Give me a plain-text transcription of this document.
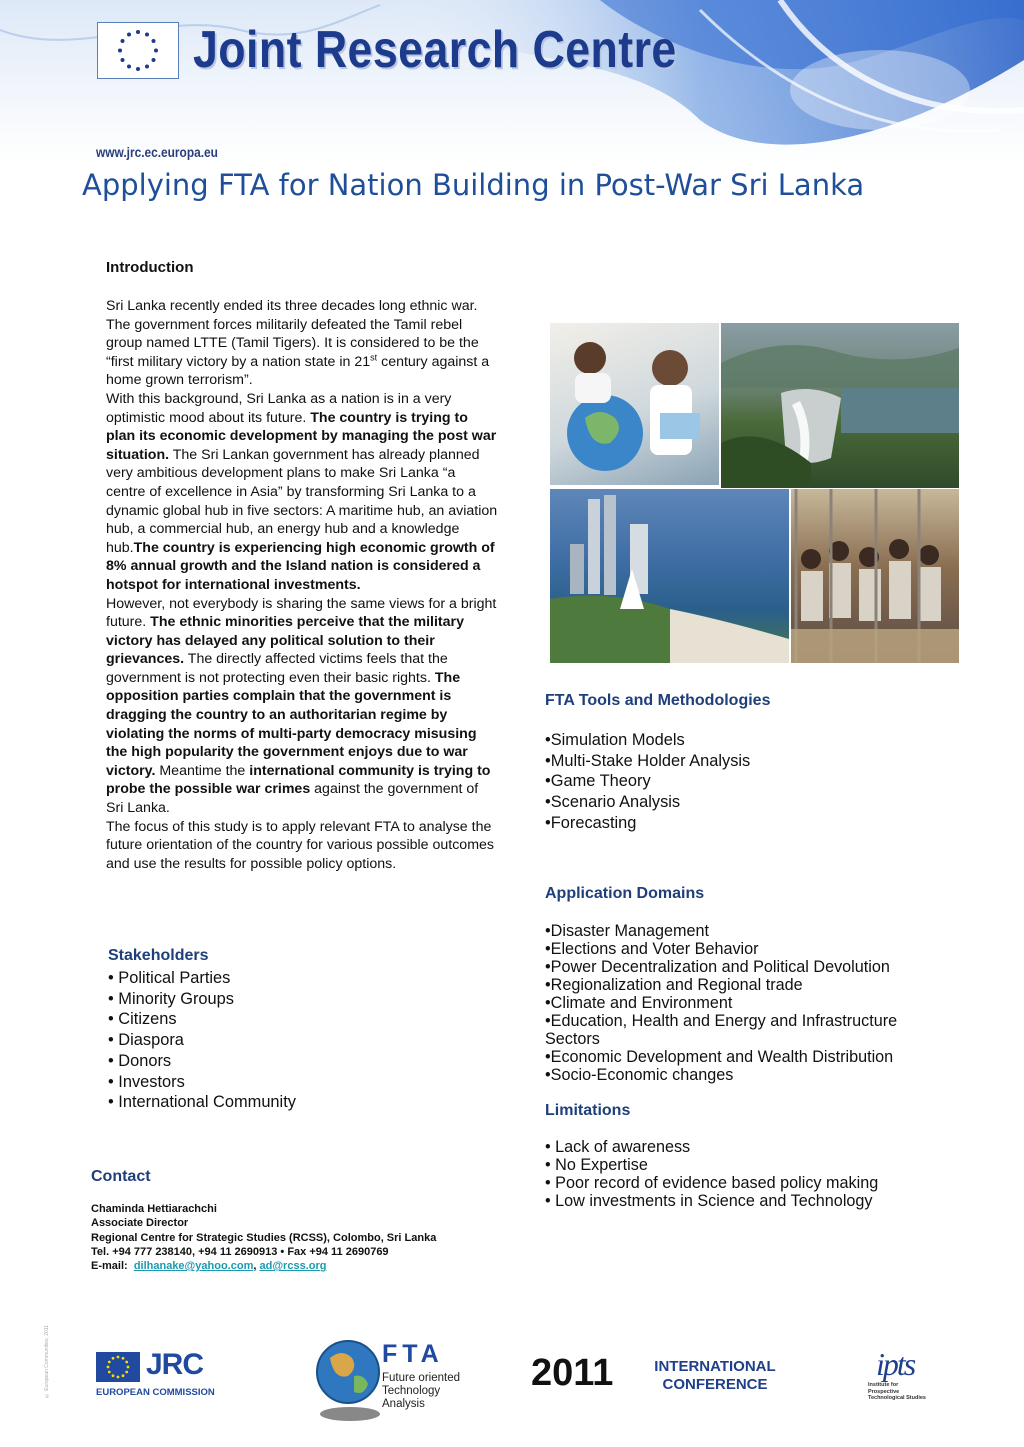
Joint Research Centre
www.jrc.ec.europa.eu
Applying FTA for Nation Building in Post-War Sri Lanka
Introduction
Sri Lanka recently ended its three decades long ethnic war. The government forces militarily defeated the Tamil rebel group named LTTE (Tamil Tigers). It is considered to be the “first military victory by a nation state in 21st century against a home grown terrorism”.
With this background, Sri Lanka as a nation is in a very optimistic mood about its future. The country is trying to plan its economic development by managing the post war situation. The Sri Lankan government has already planned very ambitious development plans to make Sri Lanka “a centre of excellence in Asia” by transforming Sri Lanka to a dynamic global hub in five sectors: A maritime hub, an aviation hub, a commercial hub, an energy hub and a knowledge hub.The country is experiencing high economic growth of 8% annual growth and the Island nation is considered a hotspot for international investments.
However, not everybody is sharing the same views for a bright future. The ethnic minorities perceive that the military victory has delayed any political solution to their grievances. The directly affected victims feels that the government is not protecting even their basic rights. The opposition parties complain that the government is dragging the country to an authoritarian regime by violating the norms of multi-party democracy misusing the high popularity the government enjoys due to war victory. Meantime the international community is trying to probe the possible war crimes against the government of Sri Lanka.
The focus of this study is to apply relevant FTA to analyse the future orientation of the country for various possible outcomes and use the results for possible policy options.
Stakeholders
• Political Parties
• Minority Groups
• Citizens
• Diaspora
• Donors
• Investors
• International Community
Contact
Chaminda Hettiarachchi
Associate Director
Regional Centre for Strategic Studies (RCSS), Colombo, Sri Lanka
Tel. +94 777 238140, +94 11 2690913 • Fax +94 11 2690769
E-mail: dilhanake@yahoo.com, ad@rcss.org
FTA Tools and Methodologies
•Simulation Models
•Multi-Stake Holder Analysis
•Game Theory
•Scenario Analysis
•Forecasting
Application Domains
•Disaster Management
•Elections and Voter Behavior
•Power Decentralization and Political Devolution
•Regionalization and Regional trade
•Climate and Environment
•Education, Health and Energy and Infrastructure Sectors
•Economic Development and Wealth Distribution
•Socio-Economic changes
Limitations
• Lack of awareness
• No Expertise
• Poor record of evidence based policy making
• Low investments in Science and Technology
© European Communities, 2011	JRC
EUROPEAN COMMISSION
FTA
Future oriented
Technology
Analysis
2011	INTERNATIONAL
CONFERENCE
ipts
Institute for
Prospective
Technological Studies
